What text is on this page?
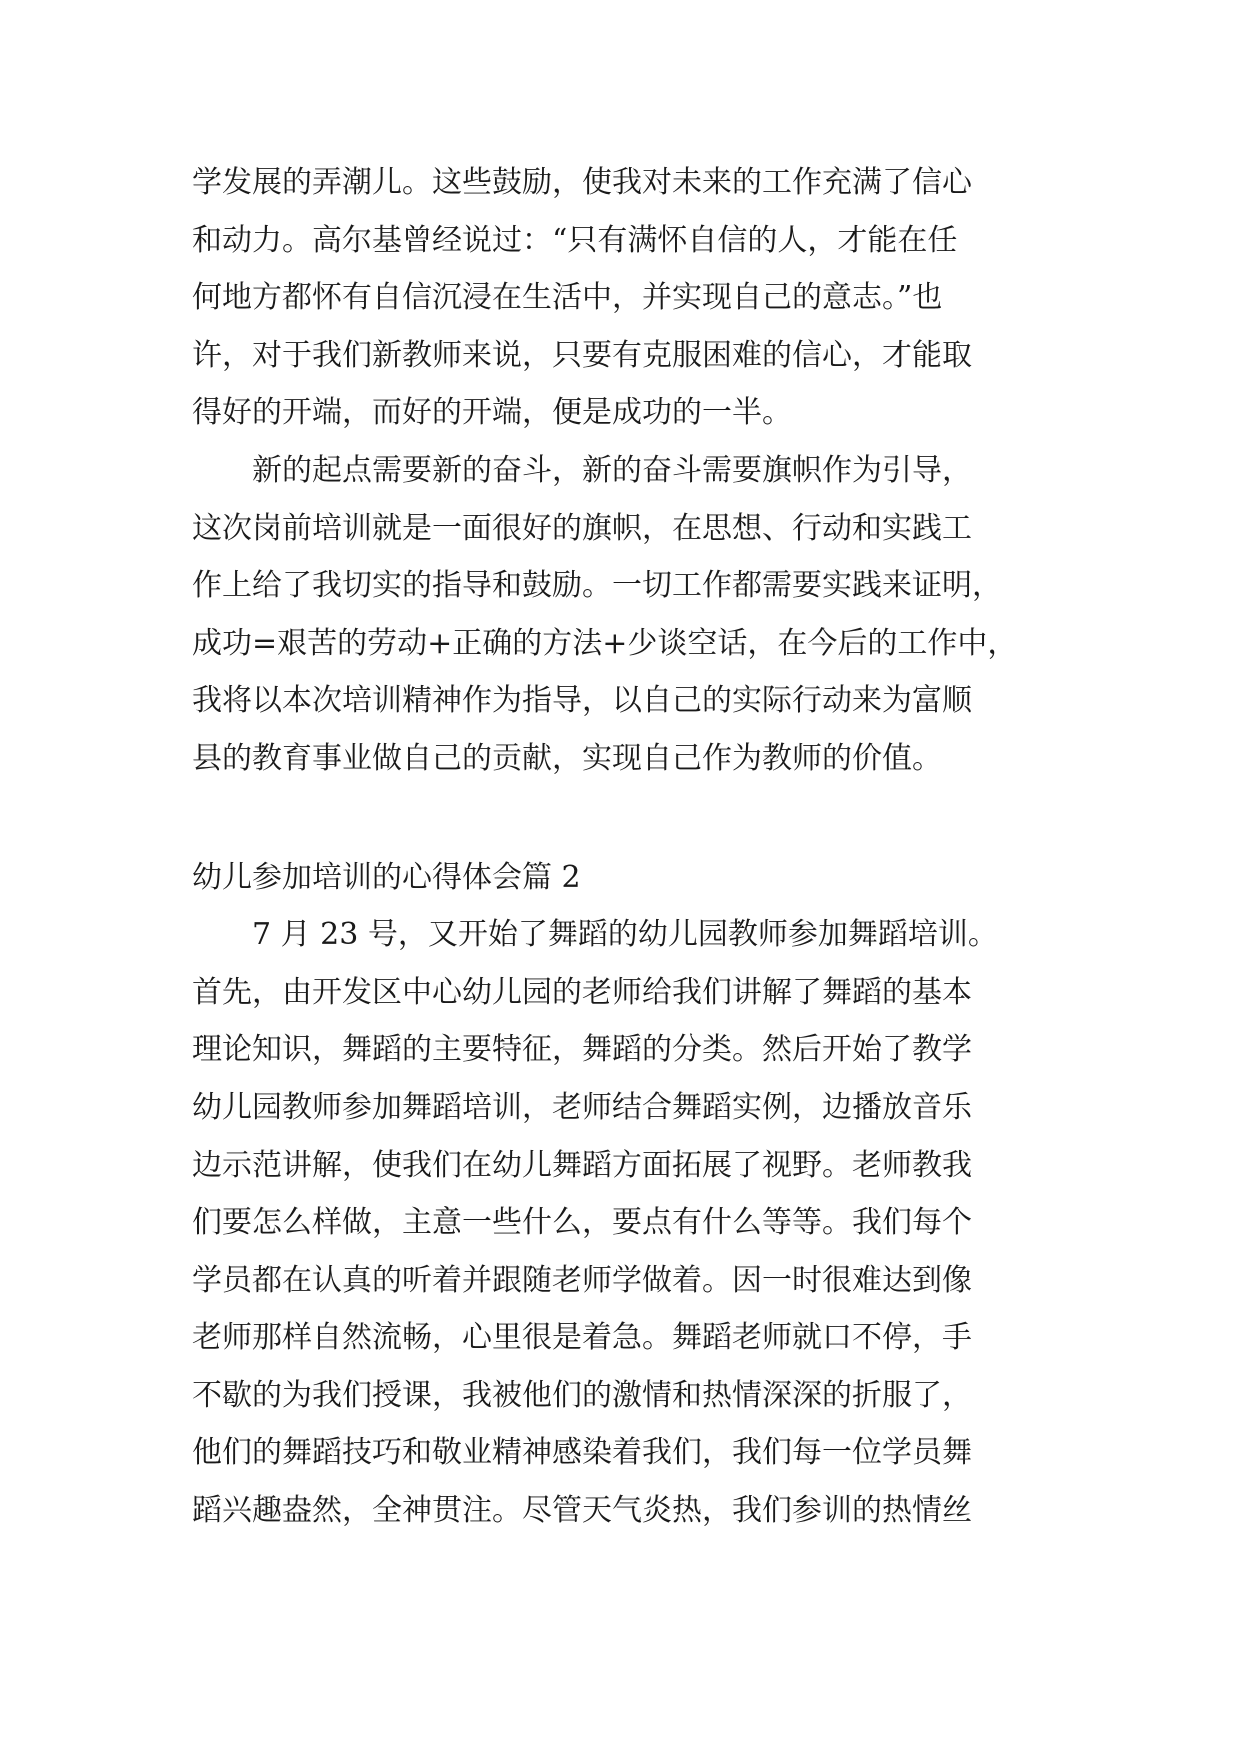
学发展的弄潮儿。这些鼓励，使我对未来的工作充满了信心
和动力。高尔基曾经说过：“只有满怀自信的人，才能在任
何地方都怀有自信沉浸在生活中，并实现自己的意志。”也
许，对于我们新教师来说，只要有克服困难的信心，才能取
得好的开端，而好的开端，便是成功的一半。
新的起点需要新的奋斗，新的奋斗需要旗帜作为引导，
这次岗前培训就是一面很好的旗帜，在思想、行动和实践工
作上给了我切实的指导和鼓励。一切工作都需要实践来证明，
成功=艰苦的劳动+正确的方法+少谈空话，在今后的工作中，
我将以本次培训精神作为指导，以自己的实际行动来为富顺
县的教育事业做自己的贡献，实现自己作为教师的价值。
幼儿参加培训的心得体会篇 2
7 月 23 号，又开始了舞蹈的幼儿园教师参加舞蹈培训。
首先，由开发区中心幼儿园的老师给我们讲解了舞蹈的基本
理论知识，舞蹈的主要特征，舞蹈的分类。然后开始了教学
幼儿园教师参加舞蹈培训，老师结合舞蹈实例，边播放音乐
边示范讲解，使我们在幼儿舞蹈方面拓展了视野。老师教我
们要怎么样做，主意一些什么，要点有什么等等。我们每个
学员都在认真的听着并跟随老师学做着。因一时很难达到像
老师那样自然流畅，心里很是着急。舞蹈老师就口不停，手
不歇的为我们授课，我被他们的激情和热情深深的折服了，
他们的舞蹈技巧和敬业精神感染着我们，我们每一位学员舞
蹈兴趣盎然，全神贯注。尽管天气炎热，我们参训的热情丝
